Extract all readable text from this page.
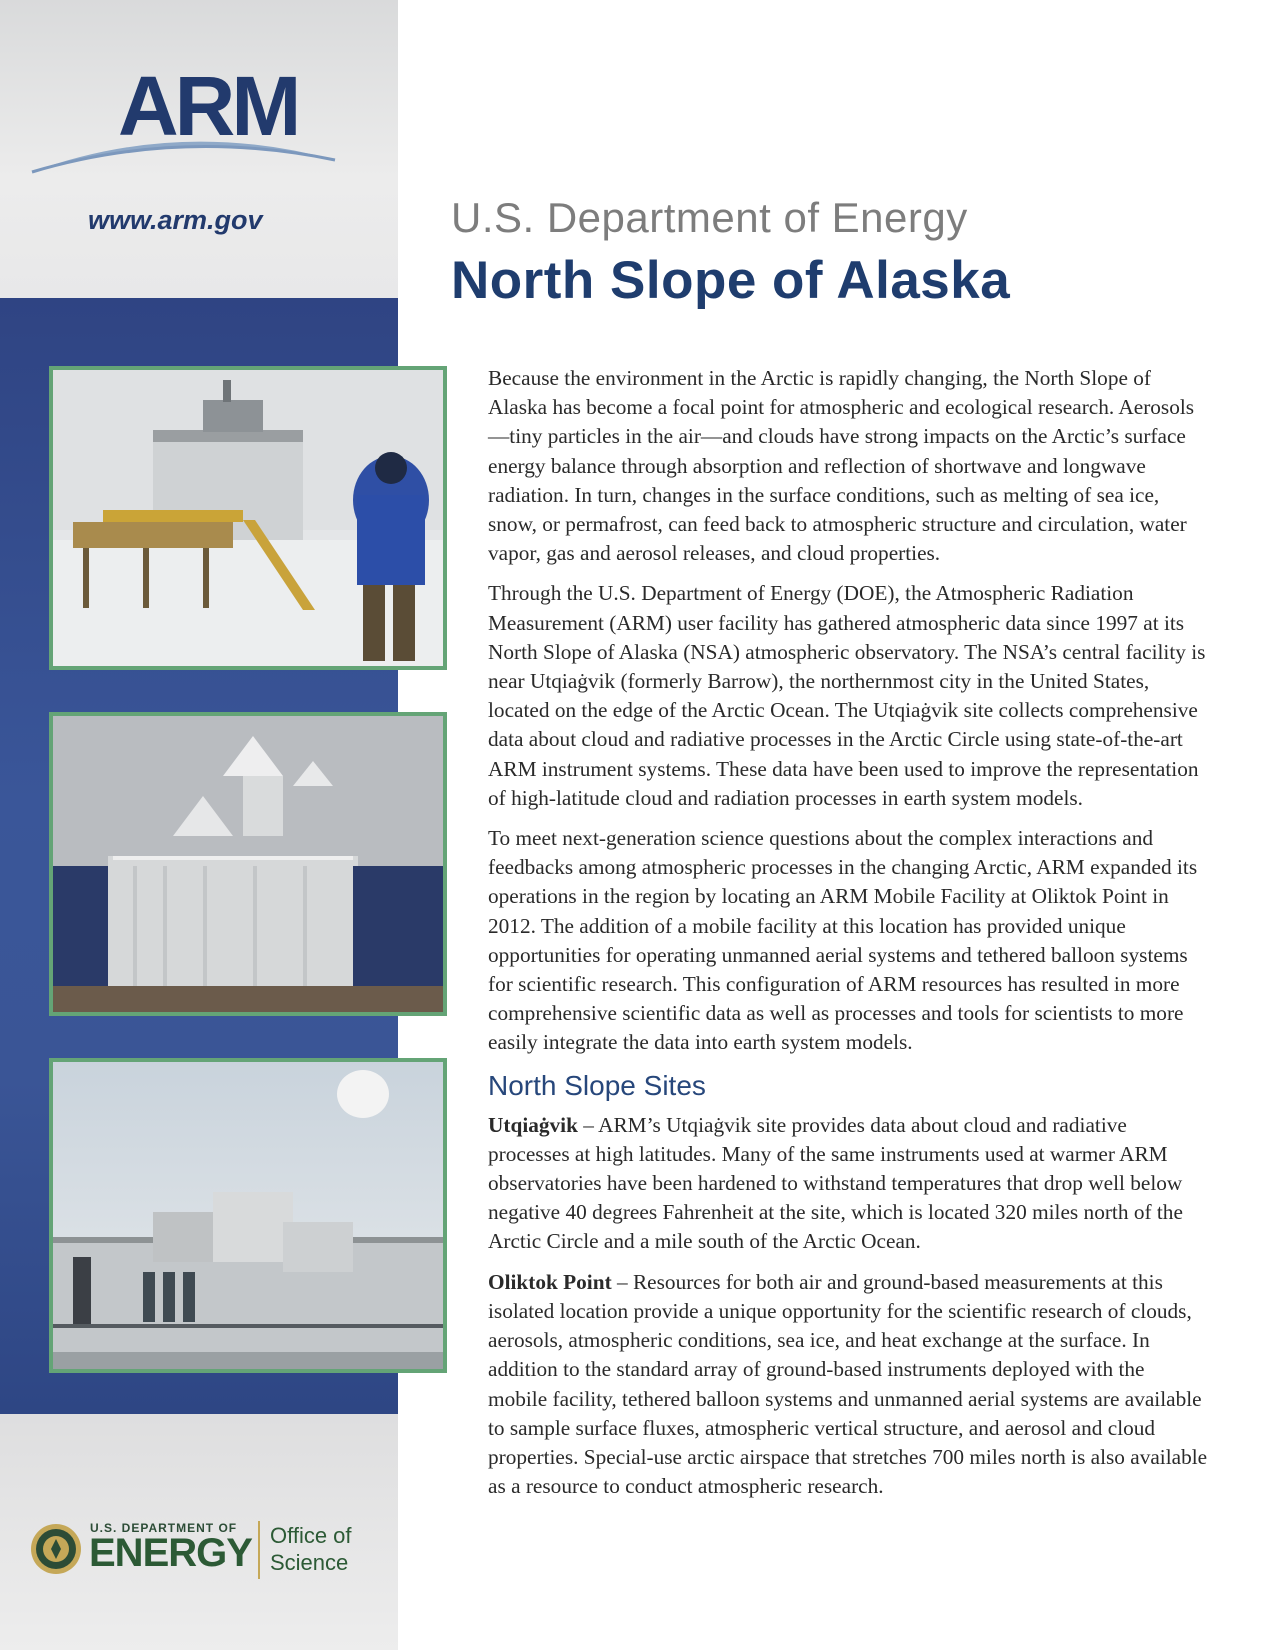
ARM
www.arm.gov
U.S. DEPARTMENT OF
ENERGY Office of
Science
U.S. Department of Energy
North Slope of Alaska

Because the environment in the Arctic is rapidly changing, the North Slope of Alaska has become a focal point for atmospheric and ecological research. Aerosols—tiny particles in the air—and clouds have strong impacts on the Arctic’s surface energy balance through absorption and reflection of shortwave and longwave radiation. In turn, changes in the surface conditions, such as melting of sea ice, snow, or permafrost, can feed back to atmospheric structure and circulation, water vapor, gas and aerosol releases, and cloud properties.

Through the U.S. Department of Energy (DOE), the Atmospheric Radiation Measurement (ARM) user facility has gathered atmospheric data since 1997 at its North Slope of Alaska (NSA) atmospheric observatory. The NSA’s central facility is near Utqiaġvik (formerly Barrow), the northernmost city in the United States, located on the edge of the Arctic Ocean. The Utqiaġvik site collects comprehensive data about cloud and radiative processes in the Arctic Circle using state-of-the-art ARM instrument systems. These data have been used to improve the representation of high-latitude cloud and radiation processes in earth system models.

To meet next-generation science questions about the complex interactions and feedbacks among atmospheric processes in the changing Arctic, ARM expanded its operations in the region by locating an ARM Mobile Facility at Oliktok Point in 2012. The addition of a mobile facility at this location has provided unique opportunities for operating unmanned aerial systems and tethered balloon systems for scientific research. This configuration of ARM resources has resulted in more comprehensive scientific data as well as processes and tools for scientists to more easily integrate the data into earth system models.

North Slope Sites

Utqiaġvik – ARM’s Utqiaġvik site provides data about cloud and radiative processes at high latitudes. Many of the same instruments used at warmer ARM observatories have been hardened to withstand temperatures that drop well below negative 40 degrees Fahrenheit at the site, which is located 320 miles north of the Arctic Circle and a mile south of the Arctic Ocean.

Oliktok Point – Resources for both air and ground-based measurements at this isolated location provide a unique opportunity for the scientific research of clouds, aerosols, atmospheric conditions, sea ice, and heat exchange at the surface. In addition to the standard array of ground-based instruments deployed with the mobile facility, tethered balloon systems and unmanned aerial systems are available to sample surface fluxes, atmospheric vertical structure, and aerosol and cloud properties. Special-use arctic airspace that stretches 700 miles north is also available as a resource to conduct atmospheric research.
